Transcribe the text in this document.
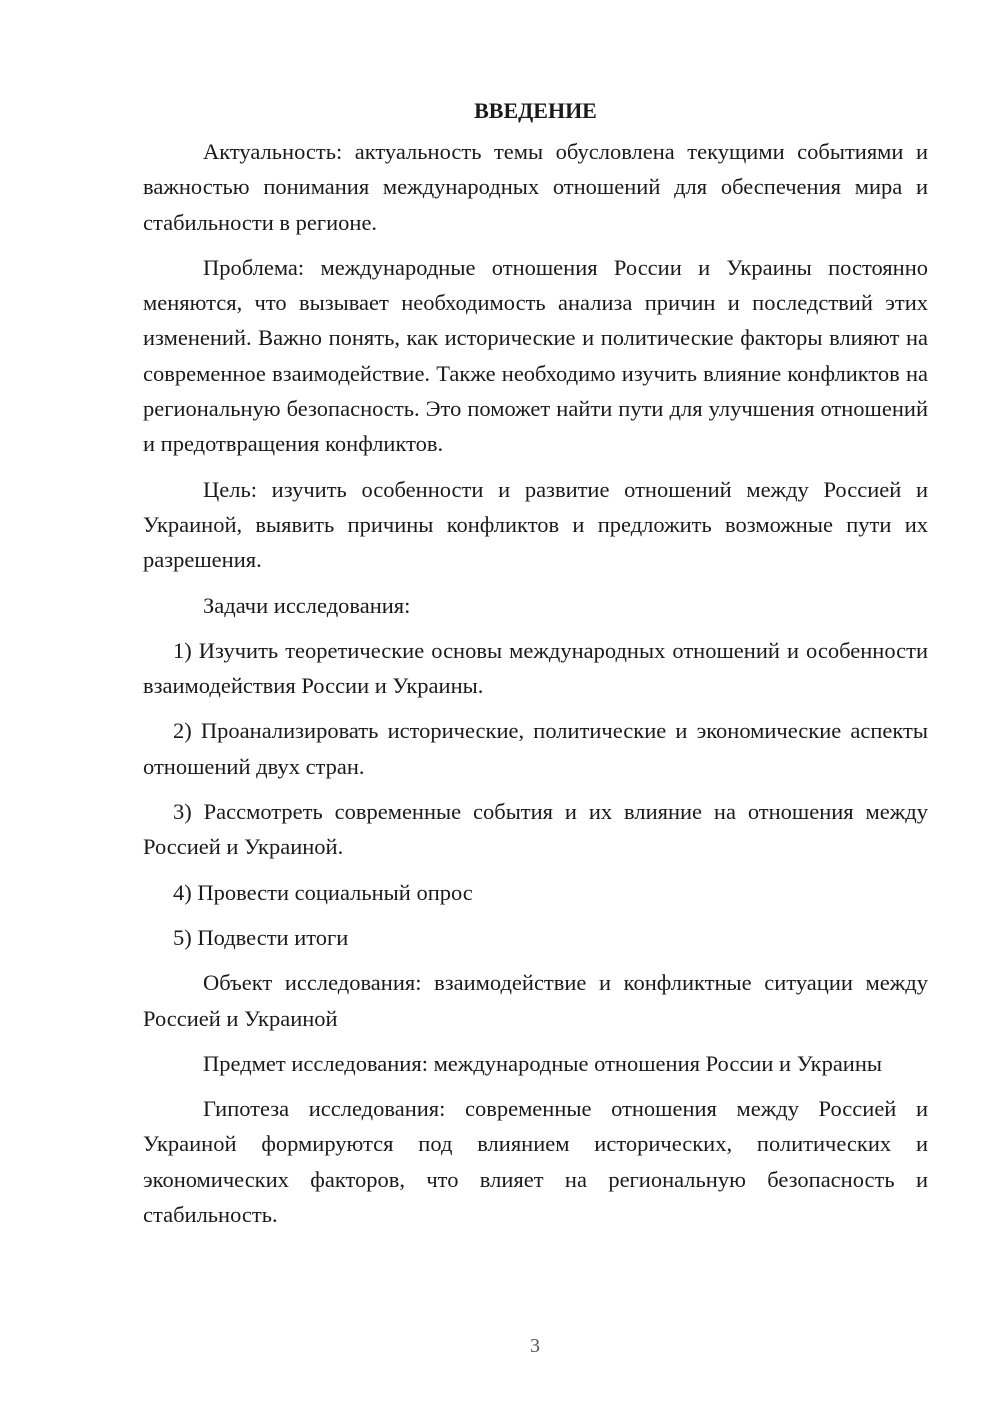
ВВЕДЕНИЕ

Актуальность: актуальность темы обусловлена текущими событиями и важностью понимания международных отношений для обеспечения мира и стабильности в регионе.

Проблема: международные отношения России и Украины постоянно меняются, что вызывает необходимость анализа причин и последствий этих изменений. Важно понять, как исторические и политические факторы влияют на современное взаимодействие. Также необходимо изучить влияние конфликтов на региональную безопасность. Это поможет найти пути для улучшения отношений и предотвращения конфликтов.

Цель: изучить особенности и развитие отношений между Россией и Украиной, выявить причины конфликтов и предложить возможные пути их разрешения.

Задачи исследования:

1) Изучить теоретические основы международных отношений и особенности взаимодействия России и Украины.

2) Проанализировать исторические, политические и экономические аспекты отношений двух стран.

3) Рассмотреть современные события и их влияние на отношения между Россией и Украиной.

4) Провести социальный опрос

5) Подвести итоги

Объект исследования: взаимодействие и конфликтные ситуации между Россией и Украиной

Предмет исследования: международные отношения России и Украины

Гипотеза исследования: современные отношения между Россией и Украиной формируются под влиянием исторических, политических и экономических факторов, что влияет на региональную безопасность и стабильность.

3
